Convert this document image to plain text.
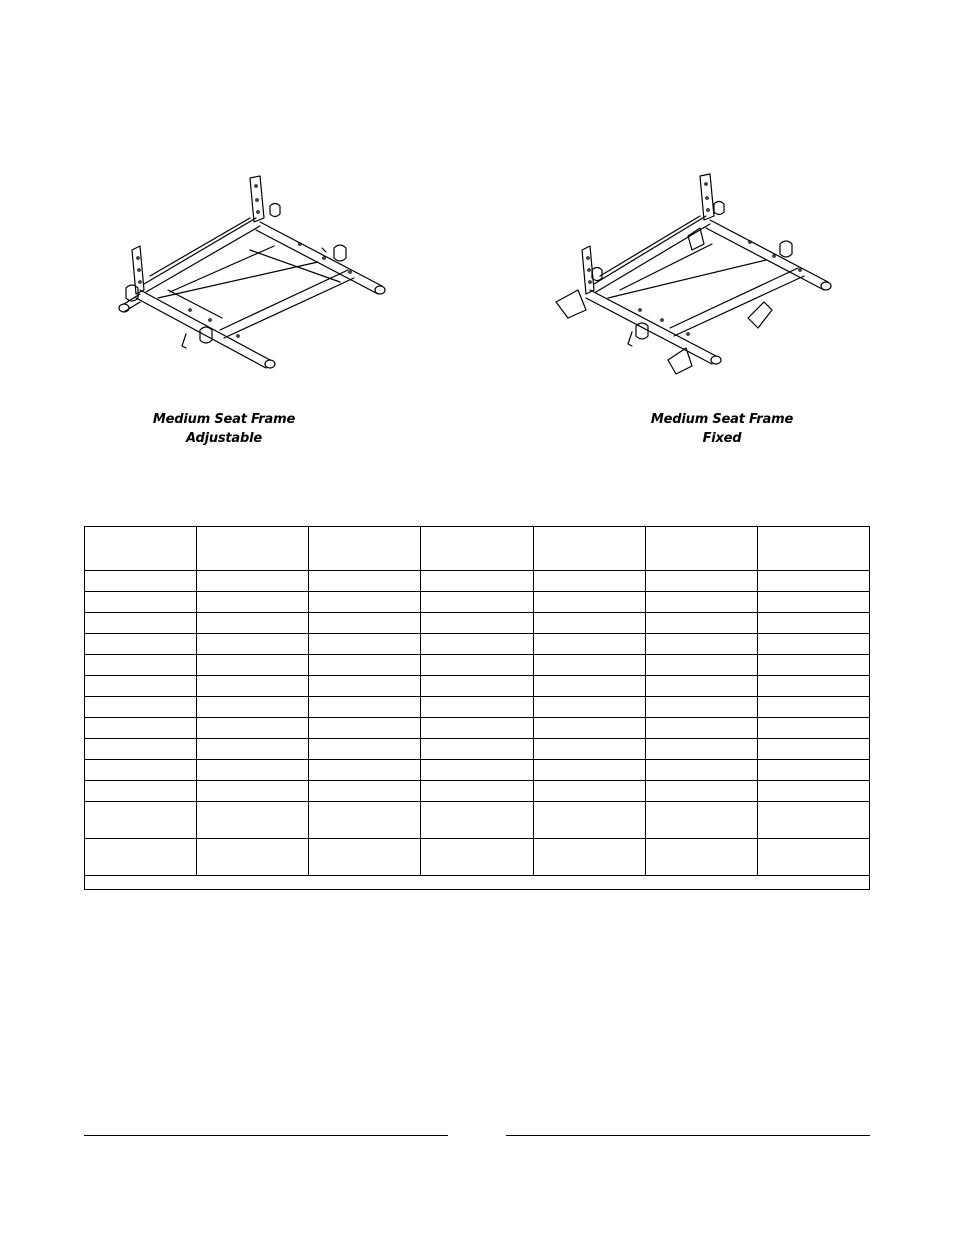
Medium Seat Frame
Adjustable
Medium Seat Frame
Fixed
